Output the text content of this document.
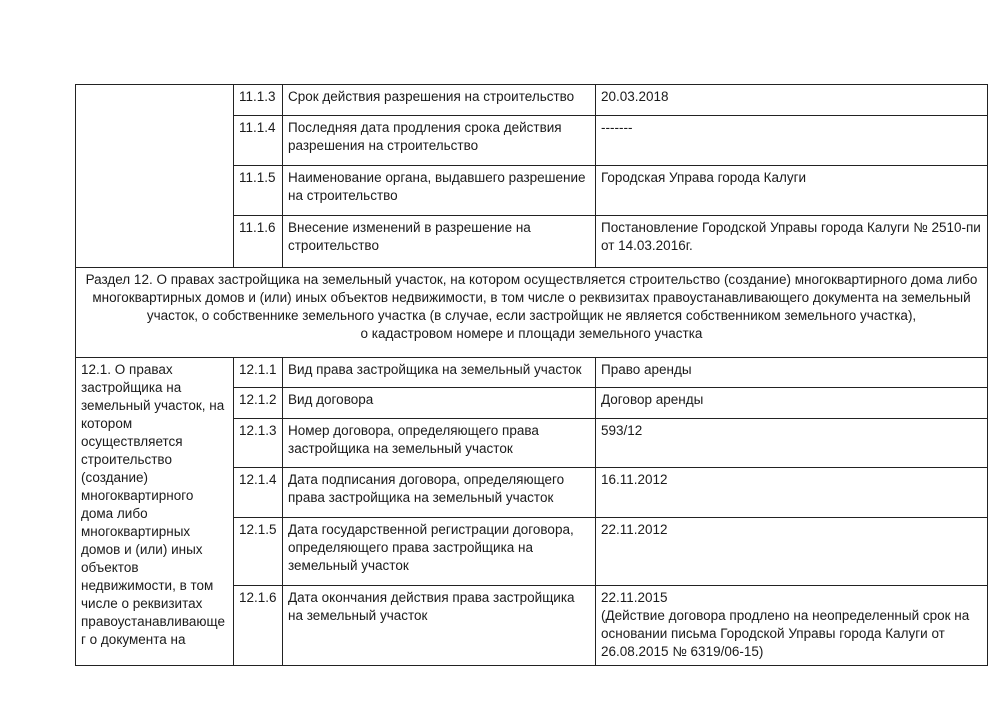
	11.1.3	Срок действия разрешения на строительство	20.03.2018
	11.1.4	Последняя дата продления срока действия разрешения на строительство	-------
	11.1.5	Наименование органа, выдавшего разрешение на строительство	Городская Управа города Калуги
	11.1.6	Внесение изменений в разрешение на строительство	Постановление Городской Управы города Калуги № 2510-пи от 14.03.2016г.

Раздел 12. О правах застройщика на земельный участок, на котором осуществляется строительство (создание) многоквартирного дома либо
многоквартирных домов и (или) иных объектов недвижимости, в том числе о реквизитах правоустанавливающего документа на земельный
участок, о собственнике земельного участка (в случае, если застройщик не является собственником земельного участка),
о кадастровом номере и площади земельного участка			

12.1. О правах застройщика на земельный участок, на котором осуществляется строительство (создание) многоквартирного дома либо многоквартирных домов и (или) иных объектов недвижимости, в том числе о реквизитах правоустанавливающег о документа на	12.1.1	Вид права застройщика на земельный участок	Право аренды
	12.1.2	Вид договора	Договор аренды
	12.1.3	Номер договора, определяющего права застройщика на земельный участок	593/12
	12.1.4	Дата подписания договора, определяющего права застройщика на земельный участок	16.11.2012
	12.1.5	Дата государственной регистрации договора, определяющего права застройщика на земельный участок	22.11.2012
	12.1.6	Дата окончания действия права застройщика на земельный участок	22.11.2015
(Действие договора продлено на неопределенный срок на основании письма Городской Управы города Калуги от 26.08.2015 № 6319/06-15)
